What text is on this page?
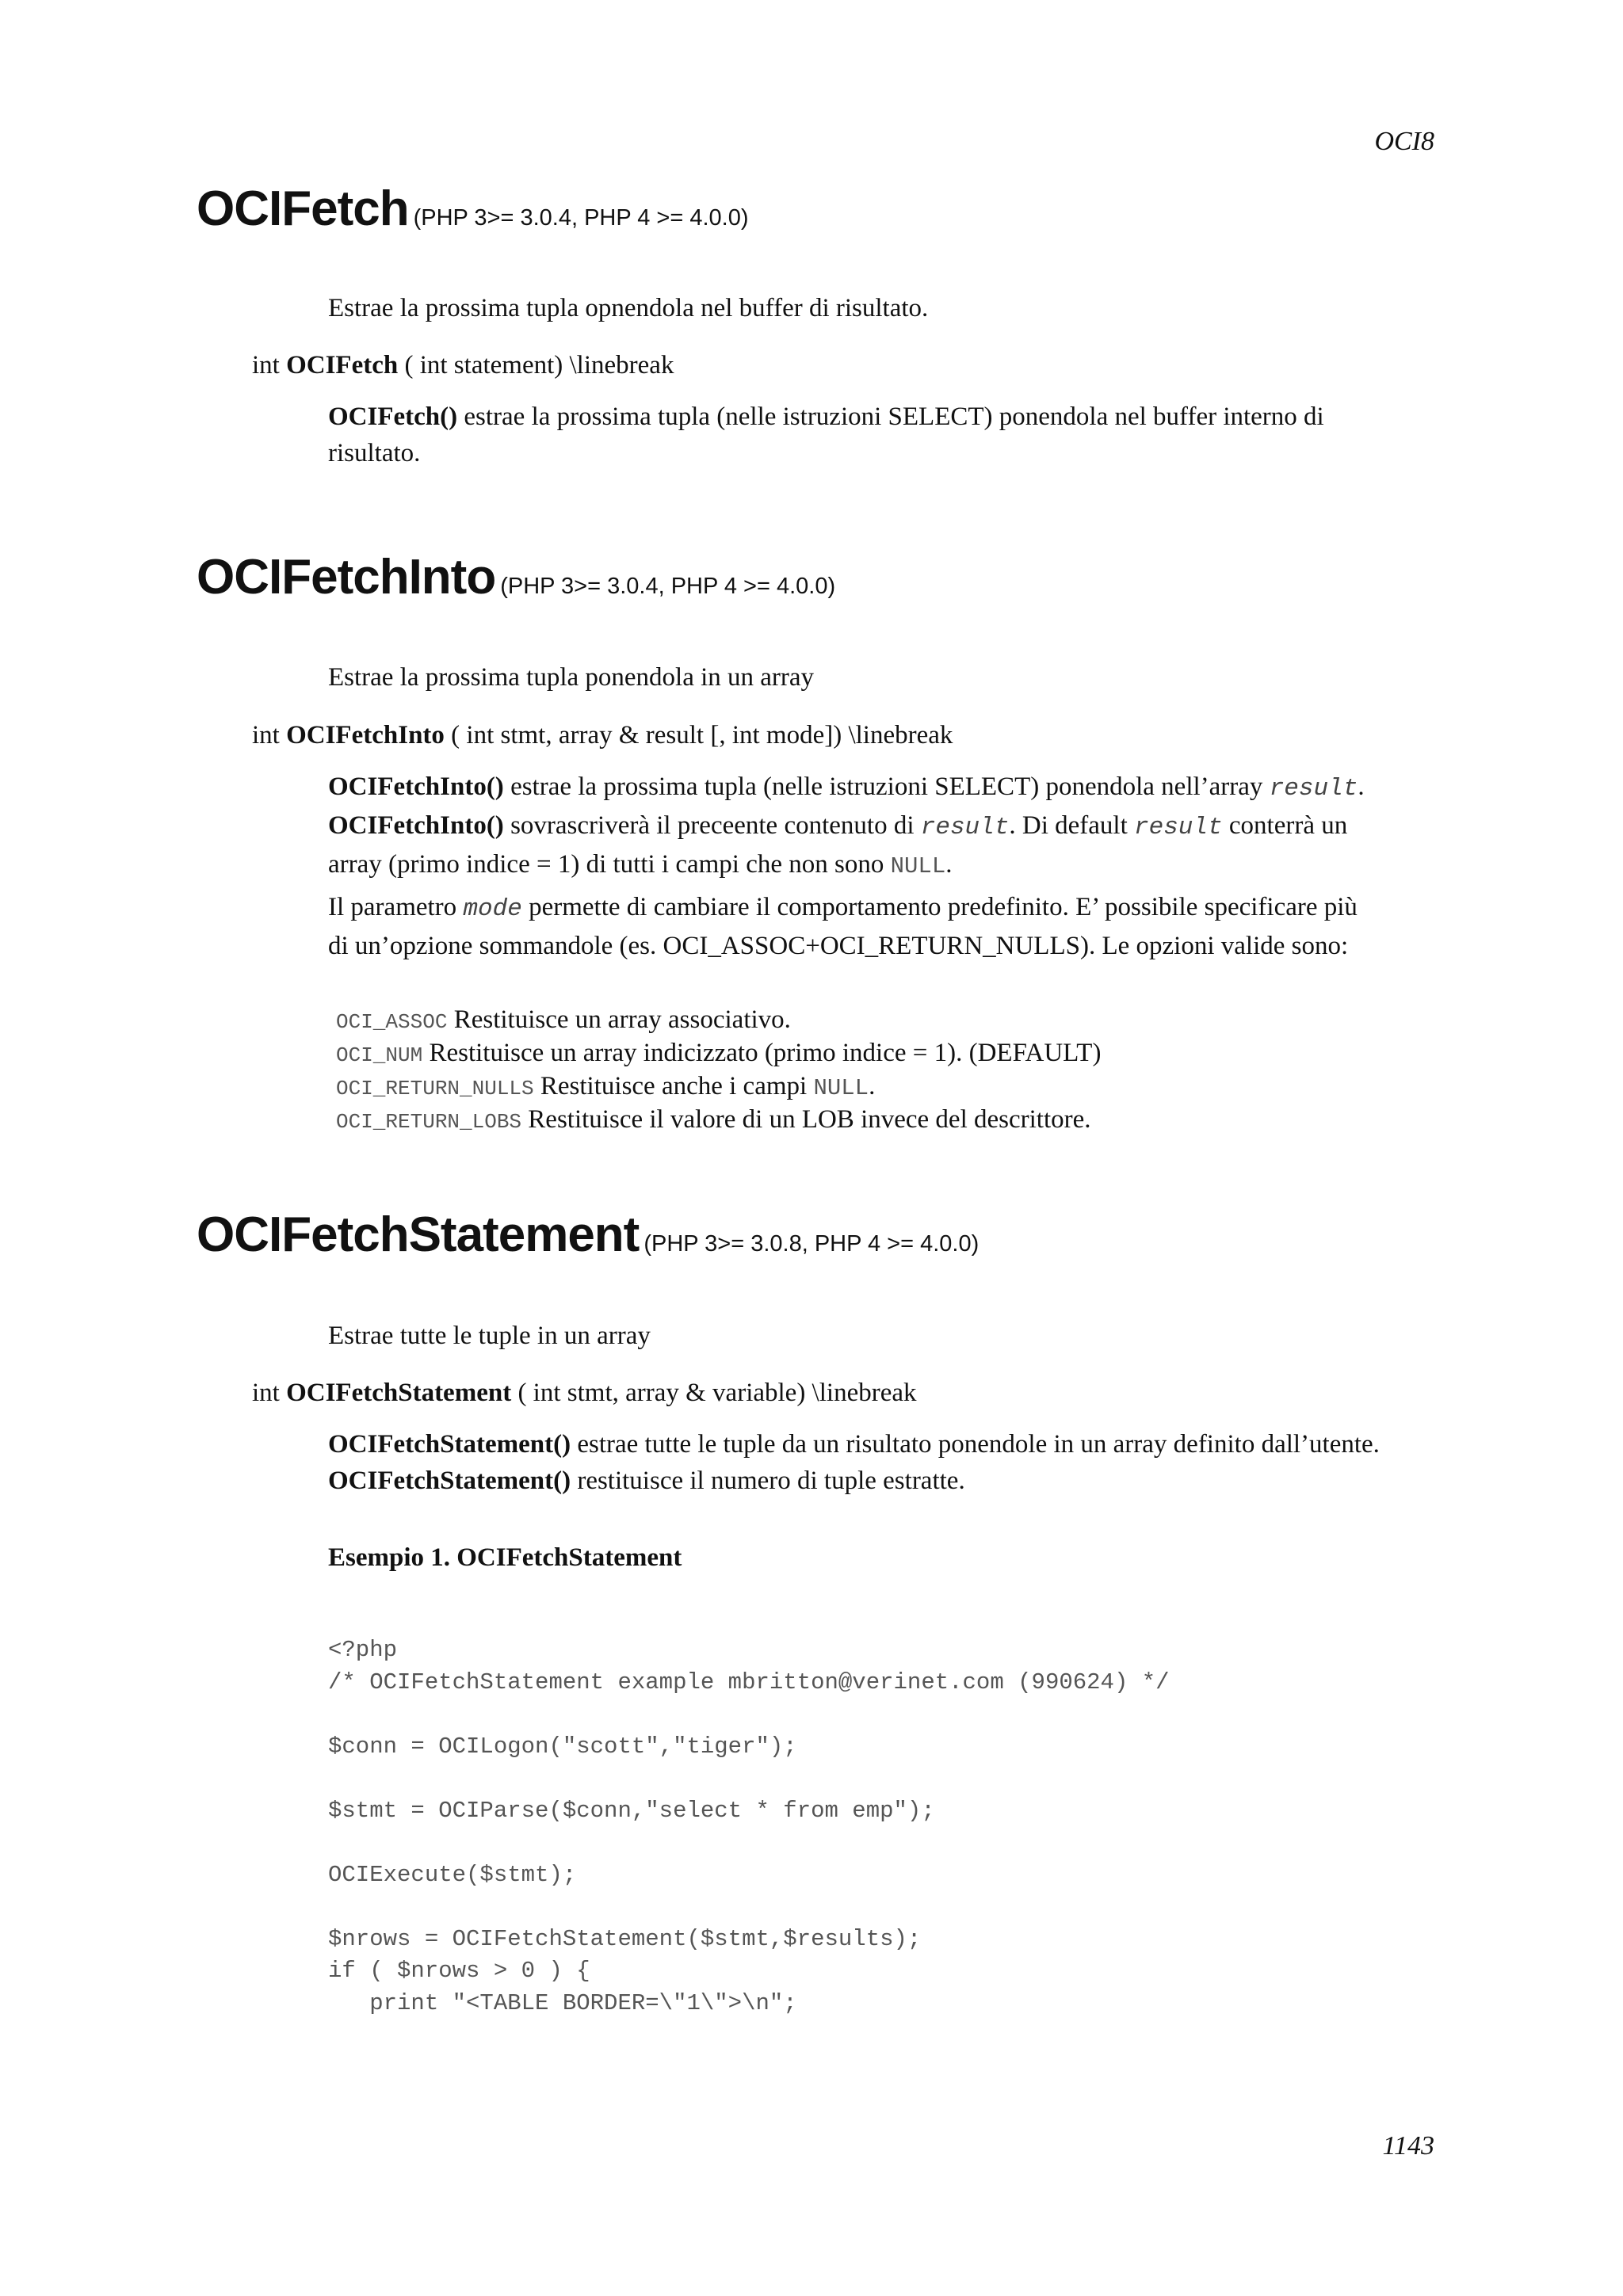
OCI8
OCIFetch (PHP 3>= 3.0.4, PHP 4 >= 4.0.0)
Estrae la prossima tupla opnendola nel buffer di risultato.
int OCIFetch ( int statement) \linebreak
OCIFetch() estrae la prossima tupla (nelle istruzioni SELECT) ponendola nel buffer interno di
risultato.
OCIFetchInto (PHP 3>= 3.0.4, PHP 4 >= 4.0.0)
Estrae la prossima tupla ponendola in un array
int OCIFetchInto ( int stmt, array & result [, int mode]) \linebreak
OCIFetchInto() estrae la prossima tupla (nelle istruzioni SELECT) ponendola nell’array result.
OCIFetchInto() sovrascriverà il preceente contenuto di result. Di default result conterrà un
array (primo indice = 1) di tutti i campi che non sono NULL.
Il parametro mode permette di cambiare il comportamento predefinito. E’ possibile specificare più
di un’opzione sommandole (es. OCI_ASSOC+OCI_RETURN_NULLS). Le opzioni valide sono:
OCI_ASSOC Restituisce un array associativo.
OCI_NUM Restituisce un array indicizzato (primo indice = 1). (DEFAULT)
OCI_RETURN_NULLS Restituisce anche i campi NULL.
OCI_RETURN_LOBS Restituisce il valore di un LOB invece del descrittore.
OCIFetchStatement (PHP 3>= 3.0.8, PHP 4 >= 4.0.0)
Estrae tutte le tuple in un array
int OCIFetchStatement ( int stmt, array & variable) \linebreak
OCIFetchStatement() estrae tutte le tuple da un risultato ponendole in un array definito dall’utente.
OCIFetchStatement() restituisce il numero di tuple estratte.
Esempio 1. OCIFetchStatement
<?php
/* OCIFetchStatement example mbritton@verinet.com (990624) */

$conn = OCILogon("scott","tiger");

$stmt = OCIParse($conn,"select * from emp");

OCIExecute($stmt);

$nrows = OCIFetchStatement($stmt,$results);
if ( $nrows > 0 ) {
print "<TABLE BORDER=\"1\">\n";
1143
